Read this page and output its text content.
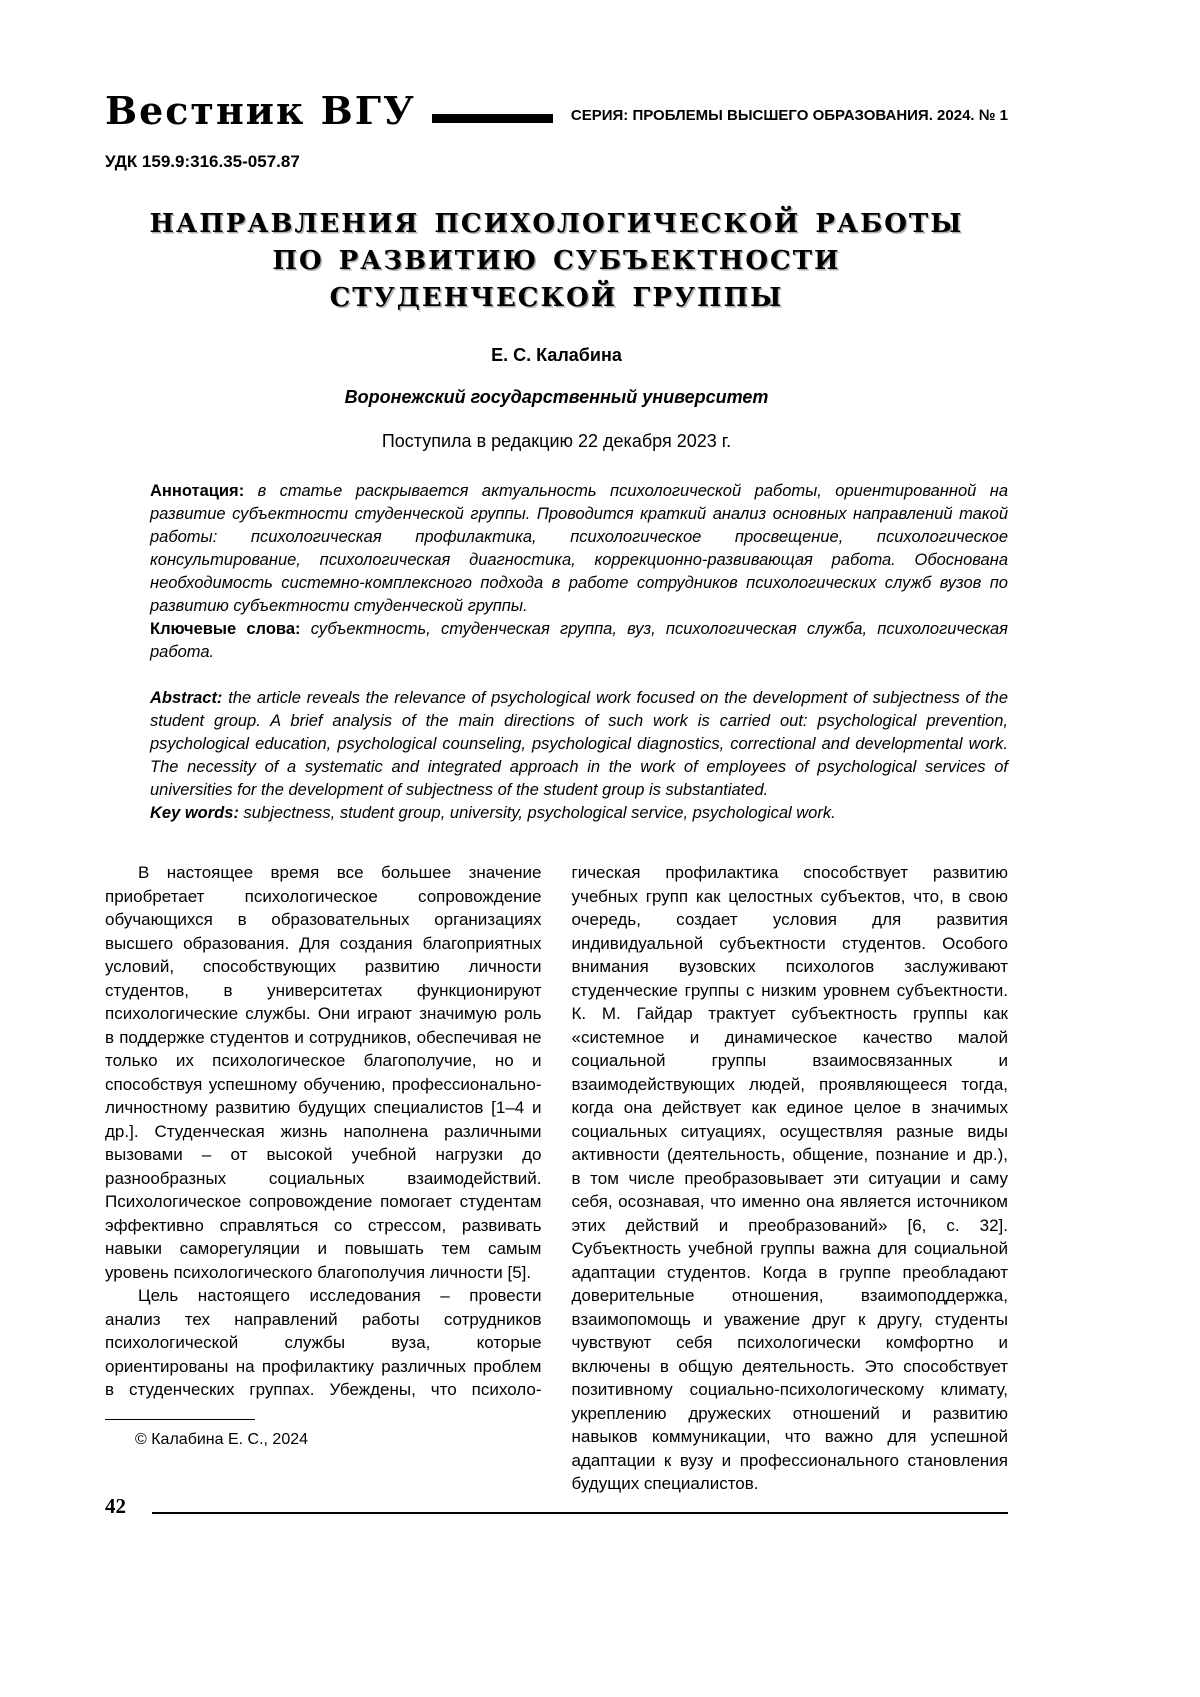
Вестник ВГУ	СЕРИЯ: ПРОБЛЕМЫ ВЫСШЕГО ОБРАЗОВАНИЯ. 2024. № 1
УДК 159.9:316.35-057.87
НАПРАВЛЕНИЯ ПСИХОЛОГИЧЕСКОЙ РАБОТЫ
ПО РАЗВИТИЮ СУБЪЕКТНОСТИ
СТУДЕНЧЕСКОЙ ГРУППЫ
Е. С. Калабина
Воронежский государственный университет
Поступила в редакцию 22 декабря 2023 г.

Аннотация: в статье раскрывается актуальность психологической работы, ориентированной на развитие субъектности студенческой группы. Проводится краткий анализ основных направлений такой работы: психологическая профилактика, психологическое просвещение, психологическое консультирование, психологическая диагностика, коррекционно-развивающая работа. Обоснована необходимость системно-комплексного подхода в работе сотрудников психологических служб вузов по развитию субъектности студенческой группы.

Ключевые слова: субъектность, студенческая группа, вуз, психологическая служба, психологическая работа.

Abstract: the article reveals the relevance of psychological work focused on the development of subjectness of the student group. A brief analysis of the main directions of such work is carried out: psychological prevention, psychological education, psychological counseling, psychological diagnostics, correctional and developmental work. The necessity of a systematic and integrated approach in the work of employees of psychological services of universities for the development of subjectness of the student group is substantiated.

Key words: subjectness, student group, university, psychological service, psychological work.

В настоящее время все большее значение приобретает психологическое сопровождение обучающихся в образовательных организациях высшего образования. Для создания благоприятных условий, способствующих развитию личности студентов, в университетах функционируют психологические службы. Они играют значимую роль в поддержке студентов и сотрудников, обеспечивая не только их психологическое благополучие, но и способствуя успешному обучению, профессионально-личностному развитию будущих специалистов [1–4 и др.]. Студенческая жизнь наполнена различными вызовами – от высокой учебной нагрузки до разнообразных социальных взаимодействий. Психологическое сопровождение помогает студентам эффективно справляться со стрессом, развивать навыки саморегуляции и повышать тем самым уровень психологического благополучия личности [5].

Цель настоящего исследования – провести анализ тех направлений работы сотрудников психологической службы вуза, которые ориентированы на профилактику различных проблем в студенческих группах. Убеждены, что психоло-

© Калабина Е. С., 2024

гическая профилактика способствует развитию учебных групп как целостных субъектов, что, в свою очередь, создает условия для развития индивидуальной субъектности студентов. Особого внимания вузовских психологов заслуживают студенческие группы с низким уровнем субъектности. К. М. Гайдар трактует субъектность группы как «системное и динамическое качество малой социальной группы взаимосвязанных и взаимодействующих людей, проявляющееся тогда, когда она действует как единое целое в значимых социальных ситуациях, осуществляя разные виды активности (деятельность, общение, познание и др.), в том числе преобразовывает эти ситуации и саму себя, осознавая, что именно она является источником этих действий и преобразований» [6, с. 32]. Субъектность учебной группы важна для социальной адаптации студентов. Когда в группе преобладают доверительные отношения, взаимоподдержка, взаимопомощь и уважение друг к другу, студенты чувствуют себя психологически комфортно и включены в общую деятельность. Это способствует позитивному социально-психологическому климату, укреплению дружеских отношений и развитию навыков коммуникации, что важно для успешной адаптации к вузу и профессионального становления будущих специалистов.

42
